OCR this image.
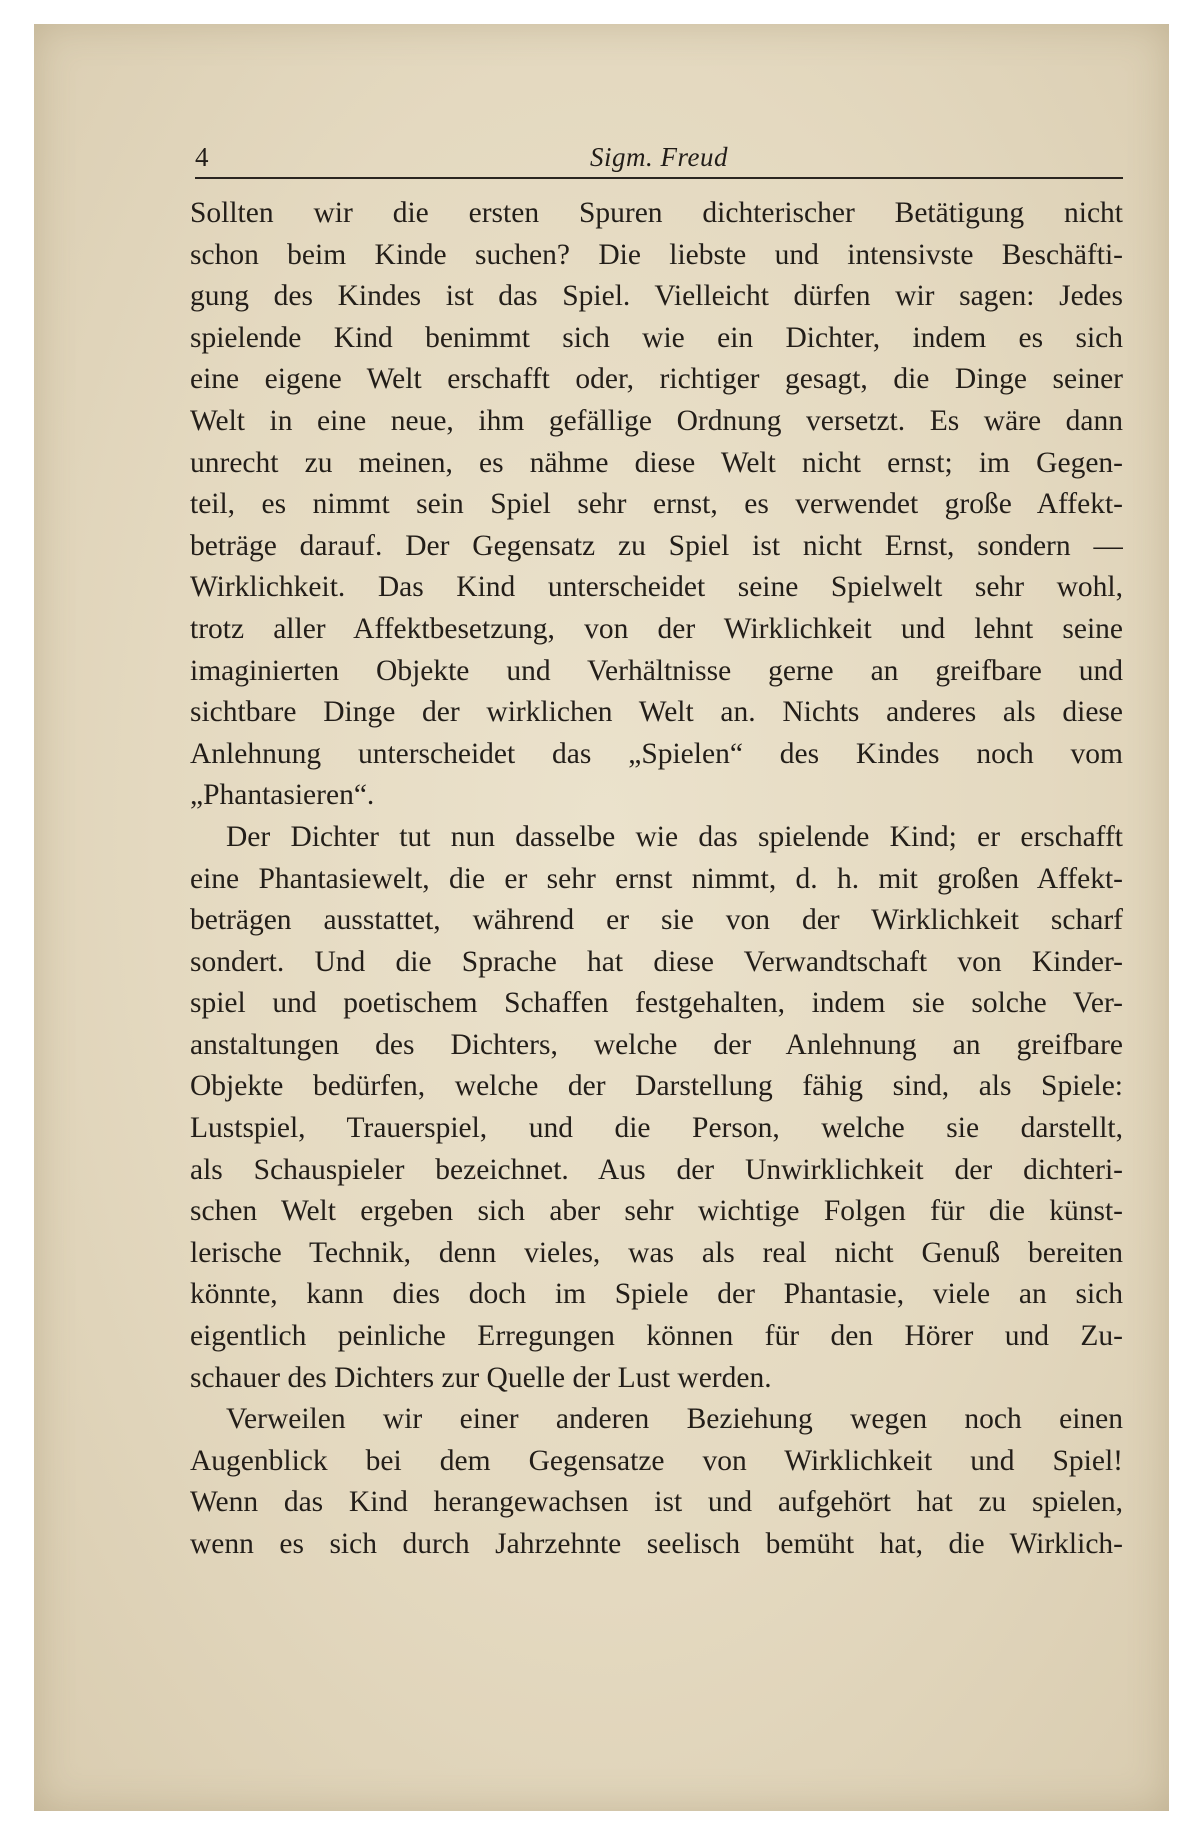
4	Sigm. Freud
Sollten wir die ersten Spuren dichterischer Betätigung nicht
schon beim Kinde suchen? Die liebste und intensivste Beschäfti-
gung des Kindes ist das Spiel. Vielleicht dürfen wir sagen: Jedes
spielende Kind benimmt sich wie ein Dichter, indem es sich
eine eigene Welt erschafft oder, richtiger gesagt, die Dinge seiner
Welt in eine neue, ihm gefällige Ordnung versetzt. Es wäre dann
unrecht zu meinen, es nähme diese Welt nicht ernst; im Gegen-
teil, es nimmt sein Spiel sehr ernst, es verwendet große Affekt-
beträge darauf. Der Gegensatz zu Spiel ist nicht Ernst, sondern —
Wirklichkeit. Das Kind unterscheidet seine Spielwelt sehr wohl,
trotz aller Affektbesetzung, von der Wirklichkeit und lehnt seine
imaginierten Objekte und Verhältnisse gerne an greifbare und
sichtbare Dinge der wirklichen Welt an. Nichts anderes als diese
Anlehnung unterscheidet das „Spielen“ des Kindes noch vom
„Phantasieren“.
Der Dichter tut nun dasselbe wie das spielende Kind; er erschafft
eine Phantasiewelt, die er sehr ernst nimmt, d. h. mit großen Affekt-
beträgen ausstattet, während er sie von der Wirklichkeit scharf
sondert. Und die Sprache hat diese Verwandtschaft von Kinder-
spiel und poetischem Schaffen festgehalten, indem sie solche Ver-
anstaltungen des Dichters, welche der Anlehnung an greifbare
Objekte bedürfen, welche der Darstellung fähig sind, als Spiele:
Lustspiel, Trauerspiel, und die Person, welche sie darstellt,
als Schauspieler bezeichnet. Aus der Unwirklichkeit der dichteri-
schen Welt ergeben sich aber sehr wichtige Folgen für die künst-
lerische Technik, denn vieles, was als real nicht Genuß bereiten
könnte, kann dies doch im Spiele der Phantasie, viele an sich
eigentlich peinliche Erregungen können für den Hörer und Zu-
schauer des Dichters zur Quelle der Lust werden.
Verweilen wir einer anderen Beziehung wegen noch einen
Augenblick bei dem Gegensatze von Wirklichkeit und Spiel!
Wenn das Kind herangewachsen ist und aufgehört hat zu spielen,
wenn es sich durch Jahrzehnte seelisch bemüht hat, die Wirklich-
